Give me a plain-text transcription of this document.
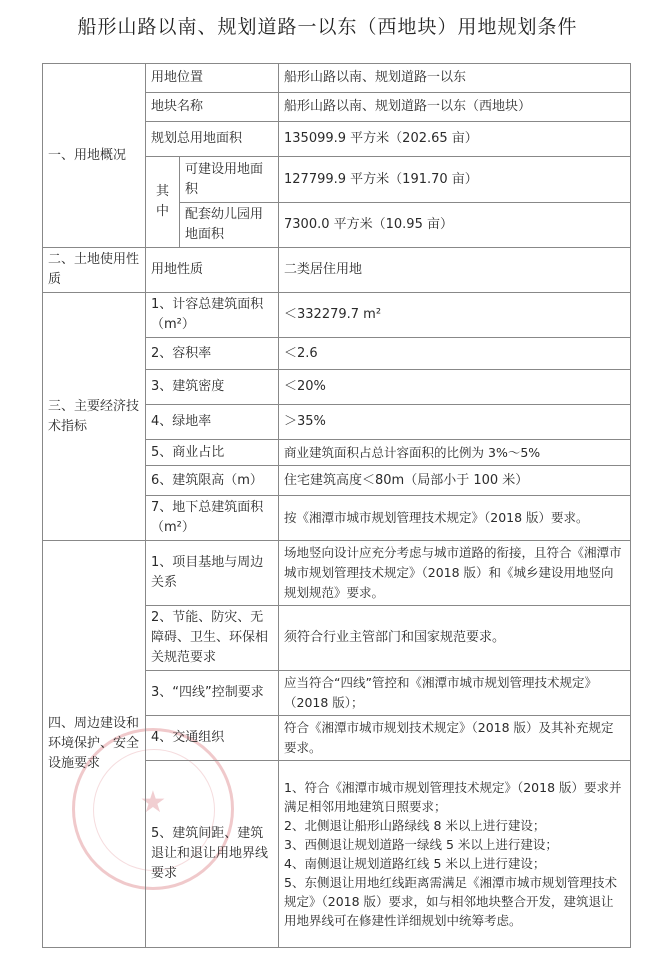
船形山路以南、规划道路一以东（西地块）用地规划条件
★
一、用地概况	用地位置		船形山路以南、规划道路一以东
	地块名称		船形山路以南、规划道路一以东（西地块）
	规划总用地面积		135099.9 平方米（202.65 亩）
	其中	可建设用地面积	127799.9 平方米（191.70 亩）
		配套幼儿园用地面积	7300.0 平方米（10.95 亩）
二、土地使用性质	用地性质		二类居住用地
三、主要经济技术指标	1、计容总建筑面积（m²）		＜332279.7 m²
	2、容积率		＜2.6
	3、建筑密度		＜20%
	4、绿地率		＞35%
	5、商业占比		商业建筑面积占总计容面积的比例为 3%～5%
	6、建筑限高（m）		住宅建筑高度＜80m（局部小于 100 米）
	7、地下总建筑面积（m²）		按《湘潭市城市规划管理技术规定》（2018 版）要求。
四、周边建设和环境保护、安全设施要求	1、项目基地与周边关系		场地竖向设计应充分考虑与城市道路的衔接，且符合《湘潭市城市规划管理技术规定》（2018 版）和《城乡建设用地竖向规划规范》要求。
	2、节能、防灾、无障碍、卫生、环保相关规范要求		须符合行业主管部门和国家规范要求。
	3、“四线”控制要求		应当符合“四线”管控和《湘潭市城市规划管理技术规定》（2018 版）；
	4、交通组织		符合《湘潭市城市规划技术规定》（2018 版）及其补充规定要求。
	5、建筑间距、建筑退让和退让用地界线要求		1、符合《湘潭市城市规划管理技术规定》（2018 版）要求并满足相邻用地建筑日照要求；
2、北侧退让船形山路绿线 8 米以上进行建设；
3、西侧退让规划道路一绿线 5 米以上进行建设；
4、南侧退让规划道路红线 5 米以上进行建设；
5、东侧退让用地红线距离需满足《湘潭市城市规划管理技术规定》（2018 版）要求，如与相邻地块整合开发，建筑退让用地界线可在修建性详细规划中统筹考虑。
